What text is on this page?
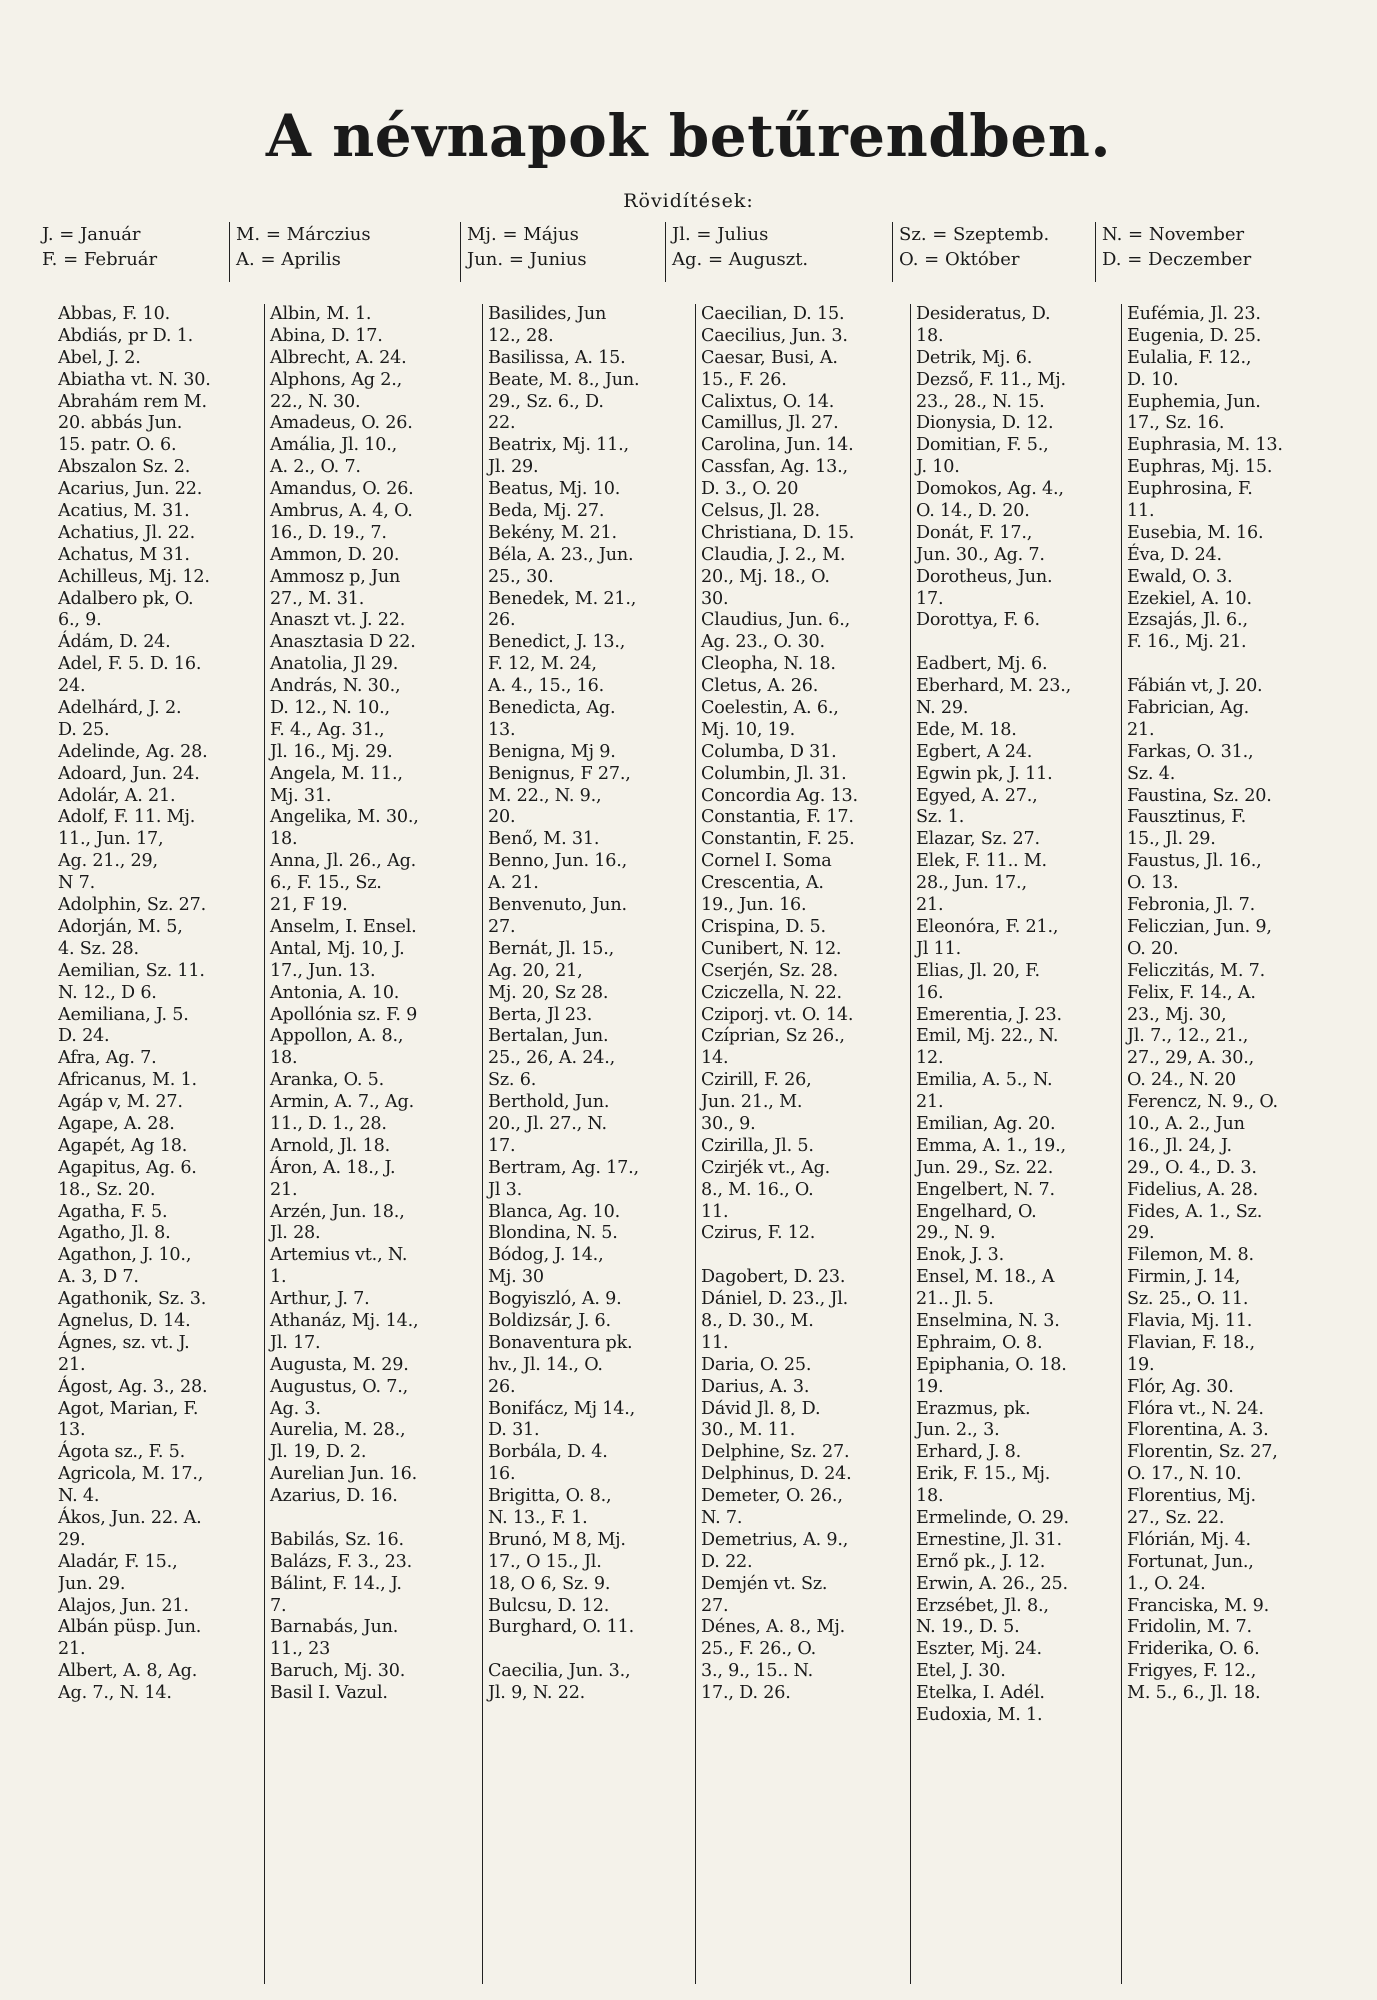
A névnapok betűrendben.
Rövidítések:
J. = Január
F. = Február
M. = Márczius
A. = Aprilis
Mj. = Május
Jun. = Junius
Jl. = Julius
Ag. = Auguszt.
Sz. = Szeptemb.
O. = Október
N. = November
D. = Deczember
Abbas, F. 10.
Abdiás, pr D. 1.
Abel, J. 2.
Abiatha vt. N. 30.
Abrahám rem M.
20. abbás Jun.
15. patr. O. 6.
Abszalon Sz. 2.
Acarius, Jun. 22.
Acatius, M. 31.
Achatius, Jl. 22.
Achatus, M 31.
Achilleus, Mj. 12.
Adalbero pk, O.
6., 9.
Ádám, D. 24.
Adel, F. 5. D. 16.
24.
Adelhárd, J. 2.
D. 25.
Adelinde, Ag. 28.
Adoard, Jun. 24.
Adolár, A. 21.
Adolf, F. 11. Mj.
11., Jun. 17,
Ag. 21., 29,
N 7.
Adolphin, Sz. 27.
Adorján, M. 5,
4. Sz. 28.
Aemilian, Sz. 11.
N. 12., D 6.
Aemiliana, J. 5.
D. 24.
Afra, Ag. 7.
Africanus, M. 1.
Agáp v, M. 27.
Agape, A. 28.
Agapét, Ag 18.
Agapitus, Ag. 6.
18., Sz. 20.
Agatha, F. 5.
Agatho, Jl. 8.
Agathon, J. 10.,
A. 3, D 7.
Agathonik, Sz. 3.
Agnelus, D. 14.
Ágnes, sz. vt. J.
21.
Ágost, Ag. 3., 28.
Agot, Marian, F.
13.
Ágota sz., F. 5.
Agricola, M. 17.,
N. 4.
Ákos, Jun. 22. A.
29.
Aladár, F. 15.,
Jun. 29.
Alajos, Jun. 21.
Albán püsp. Jun.
21.
Albert, A. 8, Ag.
Ag. 7., N. 14.
Albin, M. 1.
Abina, D. 17.
Albrecht, A. 24.
Alphons, Ag 2.,
22., N. 30.
Amadeus, O. 26.
Amália, Jl. 10.,
A. 2., O. 7.
Amandus, O. 26.
Ambrus, A. 4, O.
16., D. 19., 7.
Ammon, D. 20.
Ammosz p, Jun
27., M. 31.
Anaszt vt. J. 22.
Anasztasia D 22.
Anatolia, Jl 29.
András, N. 30.,
D. 12., N. 10.,
F. 4., Ag. 31.,
Jl. 16., Mj. 29.
Angela, M. 11.,
Mj. 31.
Angelika, M. 30.,
18.
Anna, Jl. 26., Ag.
6., F. 15., Sz.
21, F 19.
Anselm, I. Ensel.
Antal, Mj. 10, J.
17., Jun. 13.
Antonia, A. 10.
Apollónia sz. F. 9
Appollon, A. 8.,
18.
Aranka, O. 5.
Armin, A. 7., Ag.
11., D. 1., 28.
Arnold, Jl. 18.
Áron, A. 18., J.
21.
Arzén, Jun. 18.,
Jl. 28.
Artemius vt., N.
1.
Arthur, J. 7.
Athanáz, Mj. 14.,
Jl. 17.
Augusta, M. 29.
Augustus, O. 7.,
Ag. 3.
Aurelia, M. 28.,
Jl. 19, D. 2.
Aurelian Jun. 16.
Azarius, D. 16.
Babilás, Sz. 16.
Balázs, F. 3., 23.
Bálint, F. 14., J.
7.
Barnabás, Jun.
11., 23
Baruch, Mj. 30.
Basil I. Vazul.
Basilides, Jun
12., 28.
Basilissa, A. 15.
Beate, M. 8., Jun.
29., Sz. 6., D.
22.
Beatrix, Mj. 11.,
Jl. 29.
Beatus, Mj. 10.
Beda, Mj. 27.
Bekény, M. 21.
Béla, A. 23., Jun.
25., 30.
Benedek, M. 21.,
26.
Benedict, J. 13.,
F. 12, M. 24,
A. 4., 15., 16.
Benedicta, Ag.
13.
Benigna, Mj 9.
Benignus, F 27.,
M. 22., N. 9.,
20.
Benő, M. 31.
Benno, Jun. 16.,
A. 21.
Benvenuto, Jun.
27.
Bernát, Jl. 15.,
Ag. 20, 21,
Mj. 20, Sz 28.
Berta, Jl 23.
Bertalan, Jun.
25., 26, A. 24.,
Sz. 6.
Berthold, Jun.
20., Jl. 27., N.
17.
Bertram, Ag. 17.,
Jl 3.
Blanca, Ag. 10.
Blondina, N. 5.
Bódog, J. 14.,
Mj. 30
Bogyiszló, A. 9.
Boldizsár, J. 6.
Bonaventura pk.
hv., Jl. 14., O.
26.
Bonifácz, Mj 14.,
D. 31.
Borbála, D. 4.
16.
Brigitta, O. 8.,
N. 13., F. 1.
Brunó, M 8, Mj.
17., O 15., Jl.
18, O 6, Sz. 9.
Bulcsu, D. 12.
Burghard, O. 11.
Caecilia, Jun. 3.,
Jl. 9, N. 22.
Caecilian, D. 15.
Caecilius, Jun. 3.
Caesar, Busi, A.
15., F. 26.
Calixtus, O. 14.
Camillus, Jl. 27.
Carolina, Jun. 14.
Cassfan, Ag. 13.,
D. 3., O. 20
Celsus, Jl. 28.
Christiana, D. 15.
Claudia, J. 2., M.
20., Mj. 18., O.
30.
Claudius, Jun. 6.,
Ag. 23., O. 30.
Cleopha, N. 18.
Cletus, A. 26.
Coelestin, A. 6.,
Mj. 10, 19.
Columba, D 31.
Columbin, Jl. 31.
Concordia Ag. 13.
Constantia, F. 17.
Constantin, F. 25.
Cornel I. Soma
Crescentia, A.
19., Jun. 16.
Crispina, D. 5.
Cunibert, N. 12.
Cserjén, Sz. 28.
Cziczella, N. 22.
Cziporj. vt. O. 14.
Czíprian, Sz 26.,
14.
Czirill, F. 26,
Jun. 21., M.
30., 9.
Czirilla, Jl. 5.
Czirjék vt., Ag.
8., M. 16., O.
11.
Czirus, F. 12.
Dagobert, D. 23.
Dániel, D. 23., Jl.
8., D. 30., M.
11.
Daria, O. 25.
Darius, A. 3.
Dávid Jl. 8, D.
30., M. 11.
Delphine, Sz. 27.
Delphinus, D. 24.
Demeter, O. 26.,
N. 7.
Demetrius, A. 9.,
D. 22.
Demjén vt. Sz.
27.
Dénes, A. 8., Mj.
25., F. 26., O.
3., 9., 15.. N.
17., D. 26.
Desideratus, D.
18.
Detrik, Mj. 6.
Dezső, F. 11., Mj.
23., 28., N. 15.
Dionysia, D. 12.
Domitian, F. 5.,
J. 10.
Domokos, Ag. 4.,
O. 14., D. 20.
Donát, F. 17.,
Jun. 30., Ag. 7.
Dorotheus, Jun.
17.
Dorottya, F. 6.
Eadbert, Mj. 6.
Eberhard, M. 23.,
N. 29.
Ede, M. 18.
Egbert, A 24.
Egwin pk, J. 11.
Egyed, A. 27.,
Sz. 1.
Elazar, Sz. 27.
Elek, F. 11.. M.
28., Jun. 17.,
21.
Eleonóra, F. 21.,
Jl 11.
Elias, Jl. 20, F.
16.
Emerentia, J. 23.
Emil, Mj. 22., N.
12.
Emilia, A. 5., N.
21.
Emilian, Ag. 20.
Emma, A. 1., 19.,
Jun. 29., Sz. 22.
Engelbert, N. 7.
Engelhard, O.
29., N. 9.
Enok, J. 3.
Ensel, M. 18., A
21.. Jl. 5.
Enselmina, N. 3.
Ephraim, O. 8.
Epiphania, O. 18.
19.
Erazmus, pk.
Jun. 2., 3.
Erhard, J. 8.
Erik, F. 15., Mj.
18.
Ermelinde, O. 29.
Ernestine, Jl. 31.
Ernő pk., J. 12.
Erwin, A. 26., 25.
Erzsébet, Jl. 8.,
N. 19., D. 5.
Eszter, Mj. 24.
Etel, J. 30.
Etelka, I. Adél.
Eudoxia, M. 1.
Eufémia, Jl. 23.
Eugenia, D. 25.
Eulalia, F. 12.,
D. 10.
Euphemia, Jun.
17., Sz. 16.
Euphrasia, M. 13.
Euphras, Mj. 15.
Euphrosina, F.
11.
Eusebia, M. 16.
Éva, D. 24.
Ewald, O. 3.
Ezekiel, A. 10.
Ezsajás, Jl. 6.,
F. 16., Mj. 21.
Fábián vt, J. 20.
Fabrician, Ag.
21.
Farkas, O. 31.,
Sz. 4.
Faustina, Sz. 20.
Fausztinus, F.
15., Jl. 29.
Faustus, Jl. 16.,
O. 13.
Febronia, Jl. 7.
Feliczian, Jun. 9,
O. 20.
Feliczitás, M. 7.
Felix, F. 14., A.
23., Mj. 30,
Jl. 7., 12., 21.,
27., 29, A. 30.,
O. 24., N. 20
Ferencz, N. 9., O.
10., A. 2., Jun
16., Jl. 24, J.
29., O. 4., D. 3.
Fidelius, A. 28.
Fides, A. 1., Sz.
29.
Filemon, M. 8.
Firmin, J. 14,
Sz. 25., O. 11.
Flavia, Mj. 11.
Flavian, F. 18.,
19.
Flór, Ag. 30.
Flóra vt., N. 24.
Florentina, A. 3.
Florentin, Sz. 27,
O. 17., N. 10.
Florentius, Mj.
27., Sz. 22.
Flórián, Mj. 4.
Fortunat, Jun.,
1., O. 24.
Franciska, M. 9.
Fridolin, M. 7.
Friderika, O. 6.
Frigyes, F. 12.,
M. 5., 6., Jl. 18.
